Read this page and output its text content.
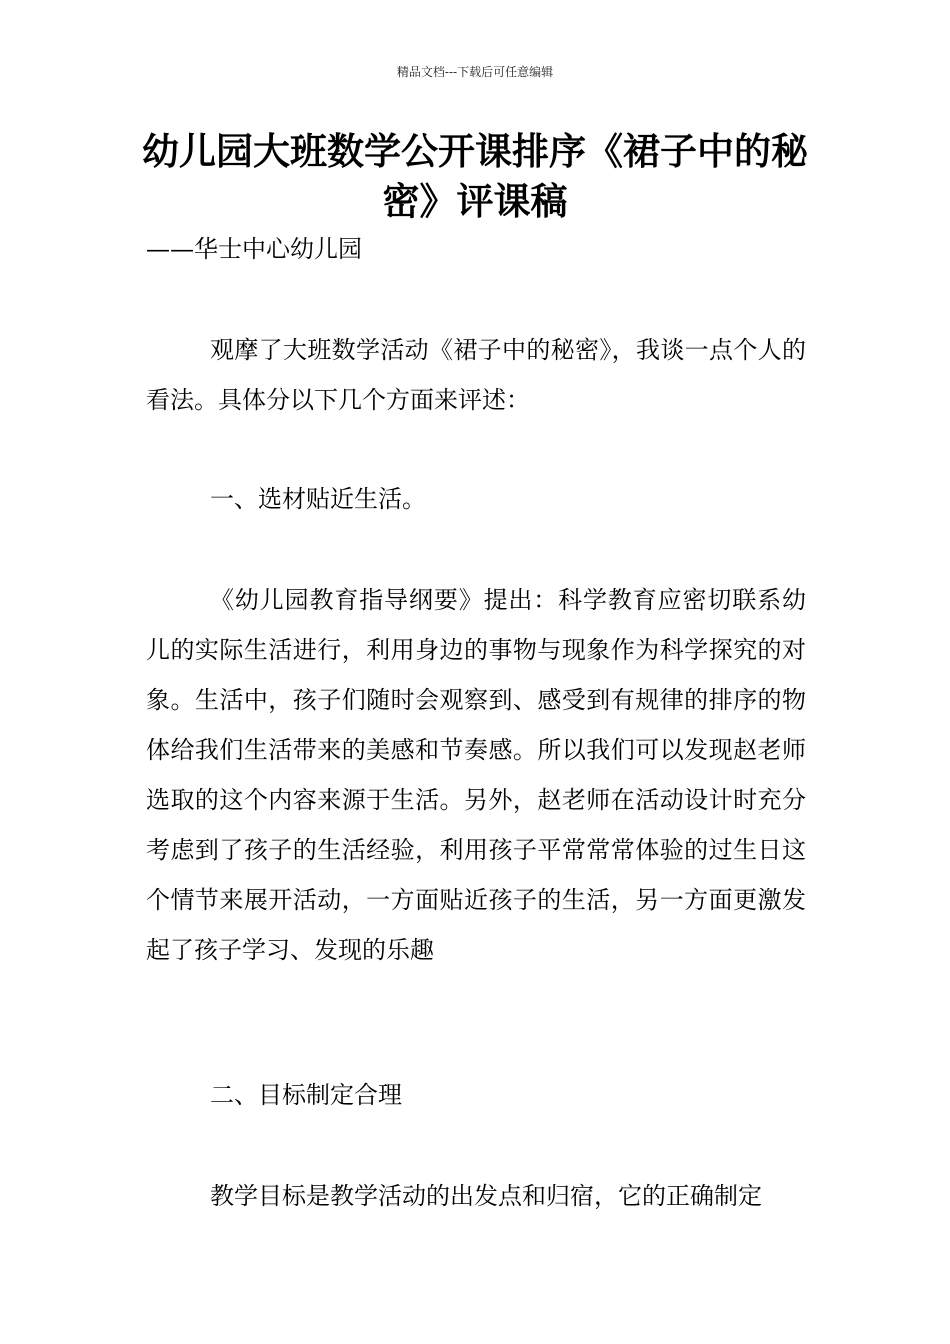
精品文档---下载后可任意编辑
幼儿园大班数学公开课排序《裙子中的秘密》评课稿

——华士中心幼儿园

观摩了大班数学活动《裙子中的秘密》，我谈一点个人的看法。具体分以下几个方面来评述：

一、选材贴近生活。

《幼儿园教育指导纲要》提出：科学教育应密切联系幼儿的实际生活进行，利用身边的事物与现象作为科学探究的对象。生活中，孩子们随时会观察到、感受到有规律的排序的物体给我们生活带来的美感和节奏感。所以我们可以发现赵老师选取的这个内容来源于生活。另外，赵老师在活动设计时充分考虑到了孩子的生活经验，利用孩子平常常常体验的过生日这个情节来展开活动，一方面贴近孩子的生活，另一方面更激发起了孩子学习、发现的乐趣

二、目标制定合理

教学目标是教学活动的出发点和归宿，它的正确制定
